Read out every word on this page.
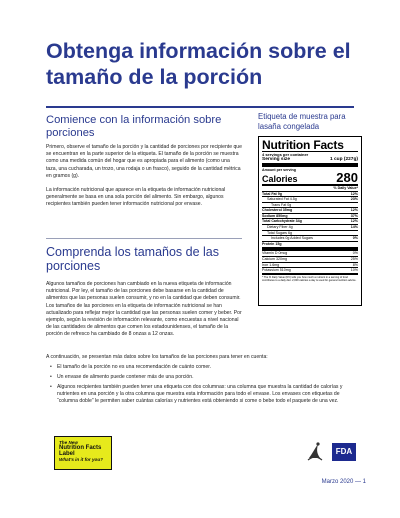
Obtenga información sobre el tamaño de la porción
Comience con la información sobre porciones

Primero, observe el tamaño de la porción y la cantidad de porciones por recipiente que se encuentran en la parte superior de la etiqueta. El tamaño de la porción se muestra como una medida común del hogar que es apropiada para el alimento (como una taza, una cucharada, un trozo, una rodaja o un frasco), seguido de la cantidad métrica en gramos (g).

La información nutricional que aparece en la etiqueta de información nutricional generalmente se basa en una sola porción del alimento. Sin embargo, algunos recipientes también pueden tener información nutricional por envase.

Comprenda los tamaños de las porciones

Algunos tamaños de porciones han cambiado en la nueva etiqueta de información nutricional. Por ley, el tamaño de las porciones debe basarse en la cantidad de alimentos que las personas suelen consumir, y no en la cantidad que deben consumir. Los tamaños de las porciones en la etiqueta de información nutricional se han actualizado para reflejar mejor la cantidad que las personas suelen comer y beber. Por ejemplo, según la revisión de información relevante, como encuestas a nivel nacional de las cantidades de alimentos que comen los estadounidenses, el tamaño de la porción de refresco ha cambiado de 8 onzas a 12 onzas.

A continuación, se presentan más datos sobre los tamaños de las porciones para tener en cuenta:

• El tamaño de la porción no es una recomendación de cuánto comer.
• Un envase de alimento puede contener más de una porción.
• Algunos recipientes también pueden tener una etiqueta con dos columnas: una columna que muestra la cantidad de calorías y nutrientes en una porción y la otra columna que muestra esta información para todo el envase. Los envases con etiquetas de “columna doble” le permiten saber cuántas calorías y nutrientes está obteniendo si come o bebe todo el paquete de una vez.

Etiqueta de muestra para lasaña congelada

Nutrition Facts

4 servings per container
Serving size	1 cup (227g)
Amount per serving
Calories	280
% Daily Value*
Total Fat 9g	12%
Saturated Fat 4.5g	23%
Trans Fat 0g
Cholesterol 35mg	12%
Sodium 850mg	37%
Total Carbohydrate 34g	12%
Dietary Fiber 4g	14%
Total Sugars 6g
Includes 0g Added Sugars	0%
Protein 15g
Vitamin D 0mcg	0%
Calcium 320mg	25%
Iron 1.6mg	8%
Potassium 510mg	10%
* The % Daily Value (DV) tells you how much a nutrient in a serving of food contributes to a daily diet. 2,000 calories a day is used for general nutrition advice.
The New
Nutrition Facts Label
What's in it for you?
FDA

Marzo 2020 — 1
